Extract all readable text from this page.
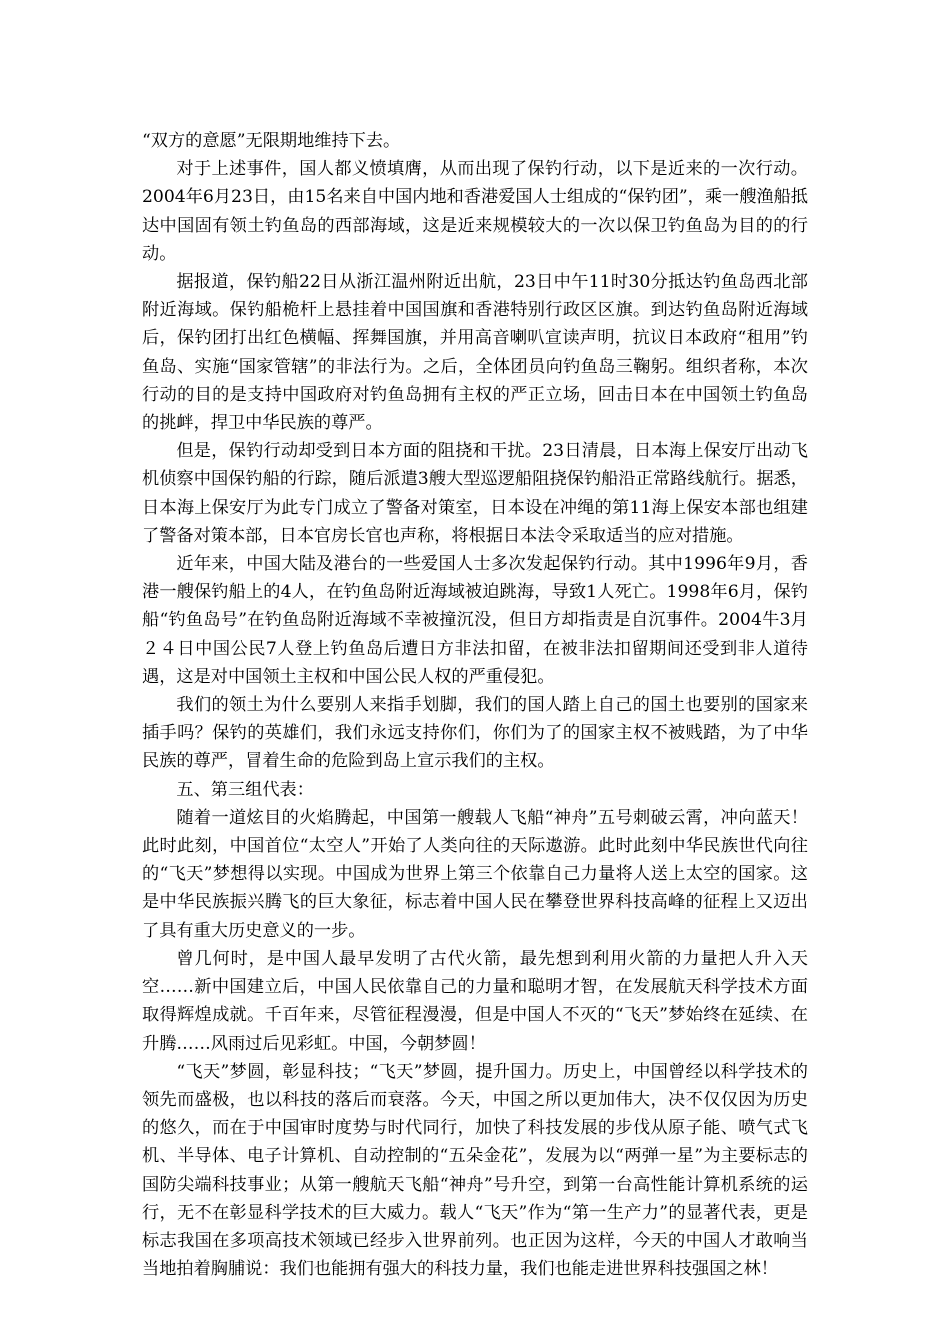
“双方的意愿”无限期地维持下去。

对于上述事件，国人都义愤填膺，从而出现了保钓行动，以下是近来的一次行动。2004年6月23日，由15名来自中国内地和香港爱国人士组成的“保钓团”，乘一艘渔船抵达中国固有领土钓鱼岛的西部海域，这是近来规模较大的一次以保卫钓鱼岛为目的的行动。

据报道，保钓船22日从浙江温州附近出航，23日中午11时30分抵达钓鱼岛西北部附近海域。保钓船桅杆上悬挂着中国国旗和香港特别行政区区旗。到达钓鱼岛附近海域后，保钓团打出红色横幅、挥舞国旗，并用高音喇叭宣读声明，抗议日本政府“租用”钓鱼岛、实施“国家管辖”的非法行为。之后，全体团员向钓鱼岛三鞠躬。组织者称，本次行动的目的是支持中国政府对钓鱼岛拥有主权的严正立场，回击日本在中国领土钓鱼岛的挑衅，捍卫中华民族的尊严。

但是，保钓行动却受到日本方面的阻挠和干扰。23日清晨，日本海上保安厅出动飞机侦察中国保钓船的行踪，随后派遣3艘大型巡逻船阻挠保钓船沿正常路线航行。据悉，日本海上保安厅为此专门成立了警备对策室，日本设在冲绳的第11海上保安本部也组建了警备对策本部，日本官房长官也声称，将根据日本法令采取适当的应对措施。

近年来，中国大陆及港台的一些爱国人士多次发起保钓行动。其中1996年9月，香港一艘保钓船上的4人，在钓鱼岛附近海域被迫跳海，导致1人死亡。1998年6月，保钓船“钓鱼岛号”在钓鱼岛附近海域不幸被撞沉没，但日方却指责是自沉事件。2004牛3月２４日中国公民7人登上钓鱼岛后遭日方非法扣留，在被非法扣留期间还受到非人道待遇，这是对中国领土主权和中国公民人权的严重侵犯。

我们的领土为什么要别人来指手划脚，我们的国人踏上自己的国土也要别的国家来插手吗？保钓的英雄们，我们永远支持你们，你们为了的国家主权不被贱踏，为了中华民族的尊严，冒着生命的危险到岛上宣示我们的主权。

五、第三组代表：

随着一道炫目的火焰腾起，中国第一艘载人飞船“神舟”五号刺破云霄，冲向蓝天！此时此刻，中国首位“太空人”开始了人类向往的天际遨游。此时此刻中华民族世代向往的“飞天”梦想得以实现。中国成为世界上第三个依靠自己力量将人送上太空的国家。这是中华民族振兴腾飞的巨大象征，标志着中国人民在攀登世界科技高峰的征程上又迈出了具有重大历史意义的一步。

曾几何时，是中国人最早发明了古代火箭，最先想到利用火箭的力量把人升入天空……新中国建立后，中国人民依靠自己的力量和聪明才智，在发展航天科学技术方面取得辉煌成就。千百年来，尽管征程漫漫，但是中国人不灭的“飞天”梦始终在延续、在升腾……风雨过后见彩虹。中国，今朝梦圆！

“飞天”梦圆，彰显科技；“飞天”梦圆，提升国力。历史上，中国曾经以科学技术的领先而盛极，也以科技的落后而衰落。今天，中国之所以更加伟大，决不仅仅因为历史的悠久，而在于中国审时度势与时代同行，加快了科技发展的步伐从原子能、喷气式飞机、半导体、电子计算机、自动控制的“五朵金花”，发展为以“两弹一星”为主要标志的国防尖端科技事业；从第一艘航天飞船“神舟”号升空，到第一台高性能计算机系统的运行，无不在彰显科学技术的巨大威力。载人“飞天”作为“第一生产力”的显著代表，更是标志我国在多项高技术领域已经步入世界前列。也正因为这样，今天的中国人才敢响当当地拍着胸脯说：我们也能拥有强大的科技力量，我们也能走进世界科技强国之林！
